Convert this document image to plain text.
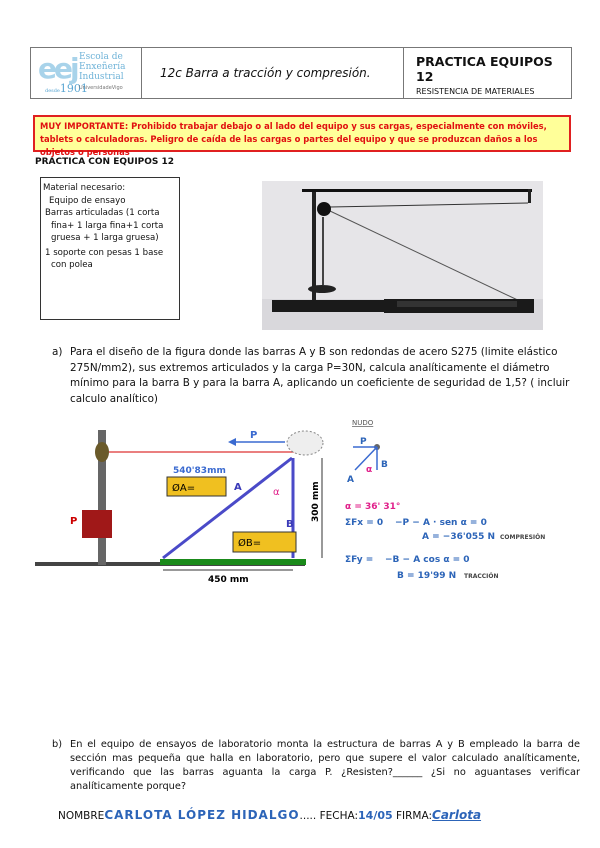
eej Escola de
Enxeñería
Industrial
desde1901
UniversidadeVigo
12c Barra a tracción y compresión.
PRACTICA EQUIPOS 12
RESISTENCIA DE MATERIALES
MUY IMPORTANTE: Prohibido trabajar debajo o al lado del equipo y sus cargas, especialmente con móviles, tablets o calculadoras. Peligro de caída de las cargas o partes del equipo y que se produzcan daños a los objetos o personas
PRACTICA CON EQUIPOS 12
Material necesario:
Equipo de ensayo
Barras articuladas (1 corta fina+ 1 larga fina+1 corta gruesa + 1 larga gruesa)
1 soporte con pesas 1 base con polea
a) Para el diseño de la figura donde las barras A y B son redondas de acero S275 (limite elástico 275N/mm2), sus extremos articulados y la carga P=30N, calcula analíticamente el diámetro mínimo para la barra B y para la barra A, aplicando un coeficiente de seguridad de 1,5? ( incluir calculo analítico)
P
P
540'83mm
ØA=	A
B
ØB=
α	300 mm
450 mm
NUDO
P
B
A
α
α = 36' 31°
ΣFx = 0 −P − A · sen α = 0
A = −36'055 N COMPRESIÓN
ΣFy = −B − A cos α = 0
B = 19'99 N TRACCIÓN
b) En el equipo de ensayos de laboratorio monta la estructura de barras A y B empleado la barra de sección mas pequeña que halla en laboratorio, pero que supere el valor calculado analíticamente, verificando que las barras aguanta la carga P. ¿Resisten?______ ¿Si no aguantases verificar analíticamente porque?
NOMBRECARLOTA LÓPEZ HIDALGO..... FECHA:14/05 FIRMA:Carlota
